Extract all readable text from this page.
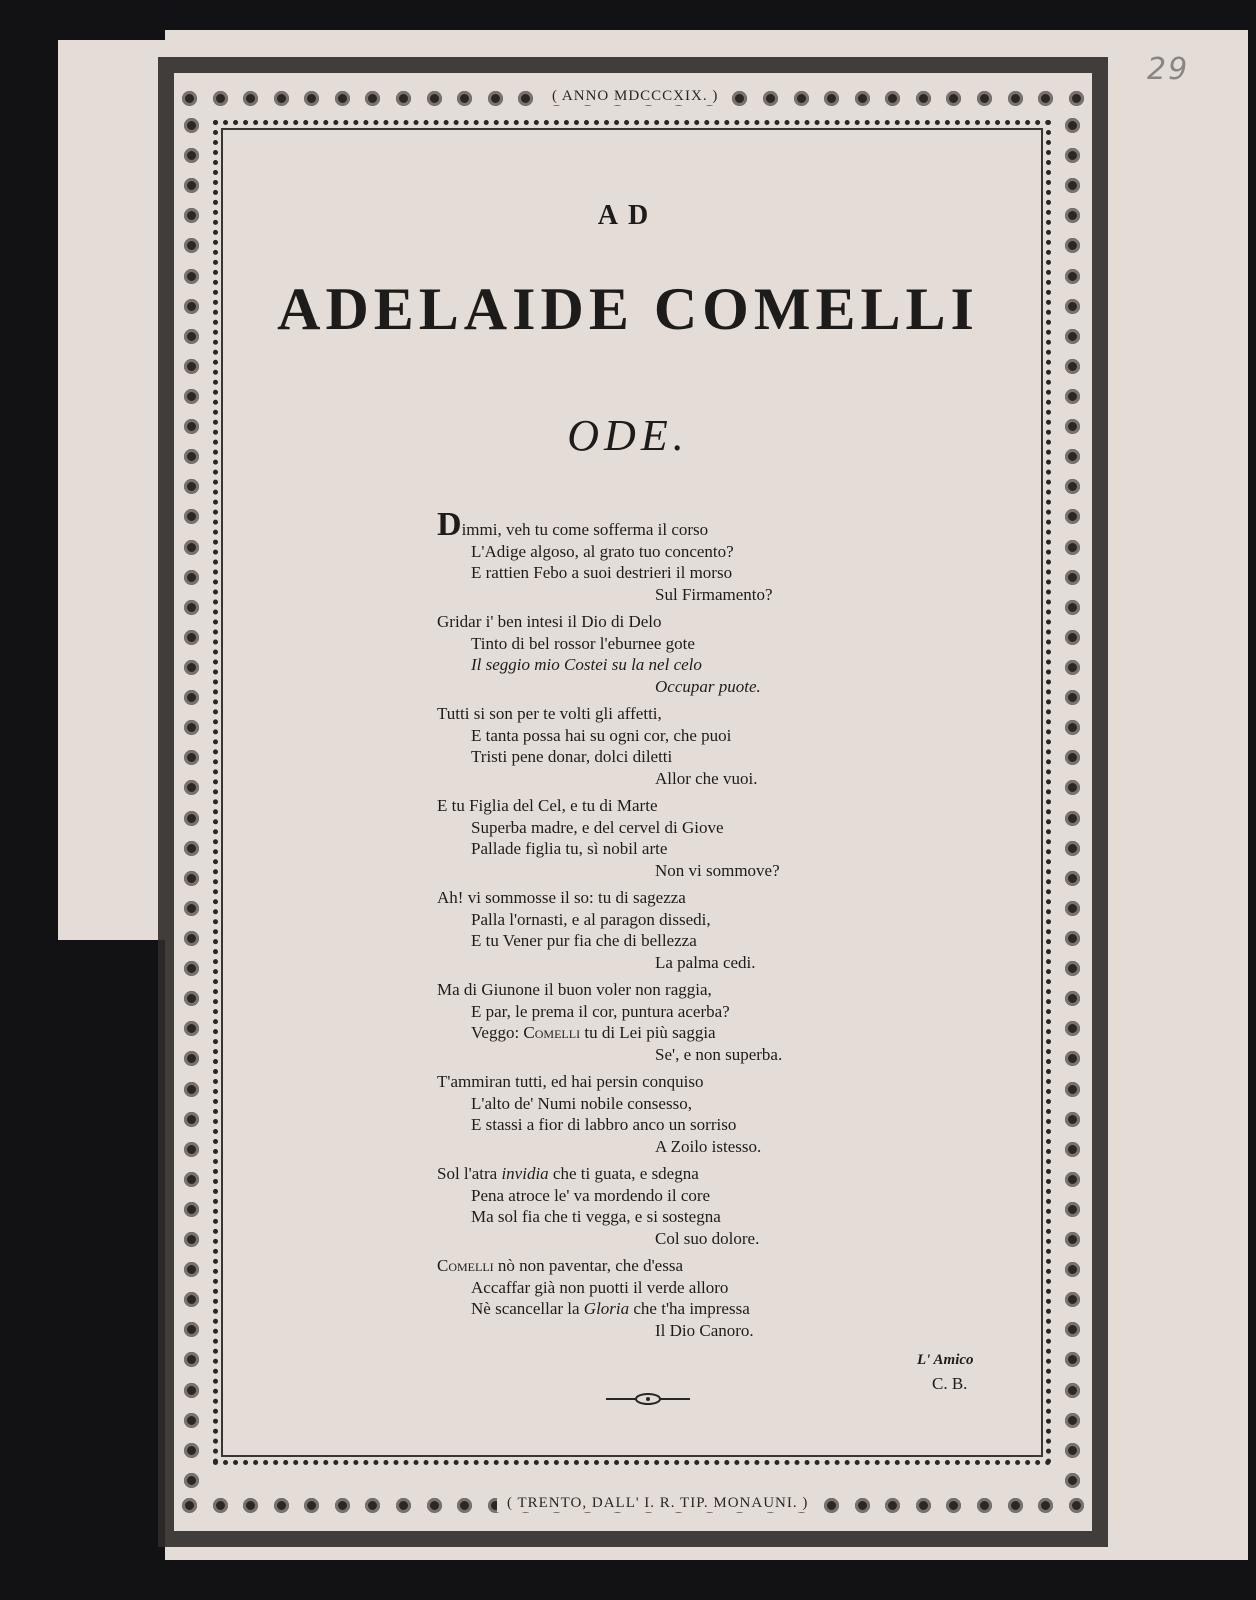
29
( ANNO MDCCCXIX. )
( TRENTO, DALL' I. R. TIP. MONAUNI. )
AD
ADELAIDE COMELLI
ODE.
Dimmi, veh tu come sofferma il corso
L'Adige algoso, al grato tuo concento?
E rattien Febo a suoi destrieri il morso
Sul Firmamento?
Gridar i' ben intesi il Dio di Delo
Tinto di bel rossor l'eburnee gote
Il seggio mio Costei su la nel celo
Occupar puote.
Tutti si son per te volti gli affetti,
E tanta possa hai su ogni cor, che puoi
Tristi pene donar, dolci diletti
Allor che vuoi.
E tu Figlia del Cel, e tu di Marte
Superba madre, e del cervel di Giove
Pallade figlia tu, sì nobil arte
Non vi sommove?
Ah! vi sommosse il so: tu di sagezza
Palla l'ornasti, e al paragon dissedi,
E tu Vener pur fia che di bellezza
La palma cedi.
Ma di Giunone il buon voler non raggia,
E par, le prema il cor, puntura acerba?
Veggo: Comelli tu di Lei più saggia
Se', e non superba.
T'ammiran tutti, ed hai persin conquiso
L'alto de' Numi nobile consesso,
E stassi a fior di labbro anco un sorriso
A Zoilo istesso.
Sol l'atra invidia che ti guata, e sdegna
Pena atroce le' va mordendo il core
Ma sol fia che ti vegga, e si sostegna
Col suo dolore.
Comelli nò non paventar, che d'essa
Accaffar già non puotti il verde alloro
Nè scancellar la Gloria che t'ha impressa
Il Dio Canoro.
L' Amico
C. B.
